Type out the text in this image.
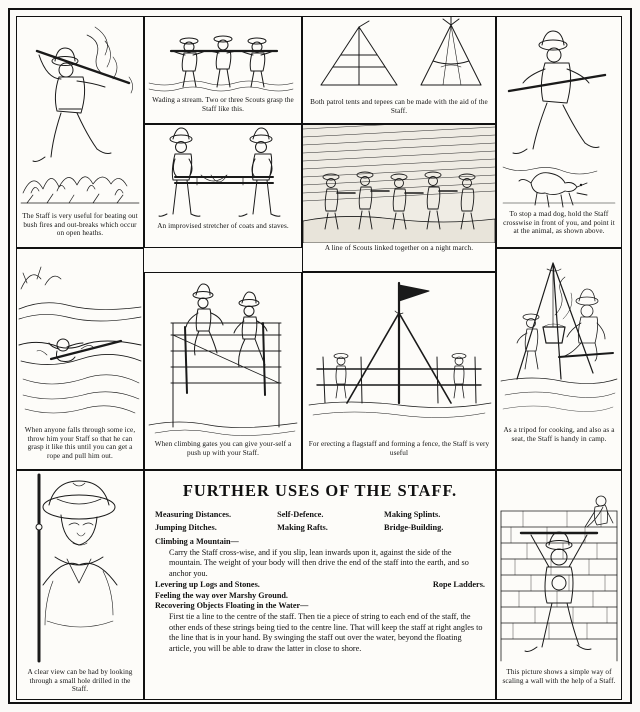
The Staff is very useful for beating out bush fires and out-breaks which occur on open heaths.
Wading a stream. Two or three Scouts grasp the Staff like this.
Both patrol tents and tepees can be made with the aid of the Staff.
To stop a mad dog, hold the Staff crosswise in front of you, and point it at the animal, as shown above.
An improvised stretcher of coats and staves.
A line of Scouts linked together on a night march.
When anyone falls through some ice, throw him your Staff so that he can grasp it like this until you can get a rope and pull him out.
When climbing gates you can give your-self a push up with your Staff.
For erecting a flagstaff and forming a fence, the Staff is very useful
As a tripod for cooking, and also as a seat, the Staff is handy in camp.
A clear view can be had by looking through a small hole drilled in the Staff.
This picture shows a simple way of scaling a wall with the help of a Staff.
FURTHER USES OF THE STAFF.
Measuring Distances.	Self-Defence.	Making Splints.
Jumping Ditches.	Making Rafts.	Bridge-Building.
Climbing a Mountain—
Carry the Staff cross-wise, and if you slip, lean inwards upon it, against the side of the mountain. The weight of your body will then drive the end of the staff into the earth, and so anchor you.
Levering up Logs and Stones.	Rope Ladders.
Feeling the way over Marshy Ground.
Recovering Objects Floating in the Water—
First tie a line to the centre of the staff. Then tie a piece of string to each end of the staff, the other ends of these strings being tied to the centre line. That will keep the staff at right angles to the line that is in your hand. By swinging the staff out over the water, beyond the floating article, you will be able to draw the latter in close to shore.
